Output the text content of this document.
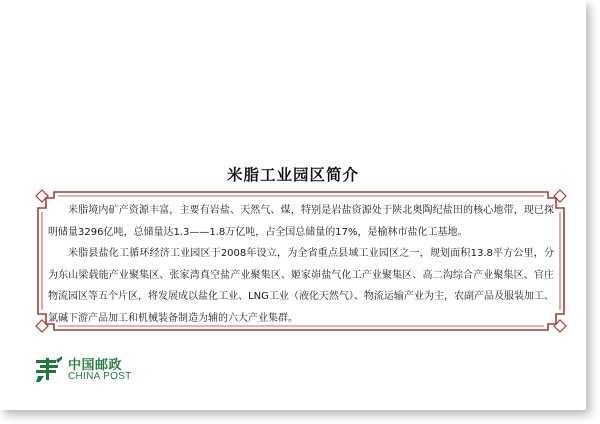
米脂工业园区简介

米脂境内矿产资源丰富，主要有岩盐、天然气、煤，特别是岩盐资源处于陕北奥陶纪盐田的核心地带，现已探明储量3296亿吨，总储量达1.3——1.8万亿吨，占全国总储量的17%，是榆林市盐化工基地。

米脂县盐化工循环经济工业园区于2008年设立，为全省重点县域工业园区之一，规划面积13.8平方公里，分为东山梁载能产业聚集区、张家湾真空盐产业聚集区、姬家峁盐气化工产业聚集区、高二沟综合产业聚集区、官庄物流园区等五个片区，将发展成以盐化工业、LNG工业（液化天然气）、物流运输产业为主，农副产品及服装加工、氯碱下游产品加工和机械装备制造为辅的六大产业集群。

中国邮政
CHINA POST
